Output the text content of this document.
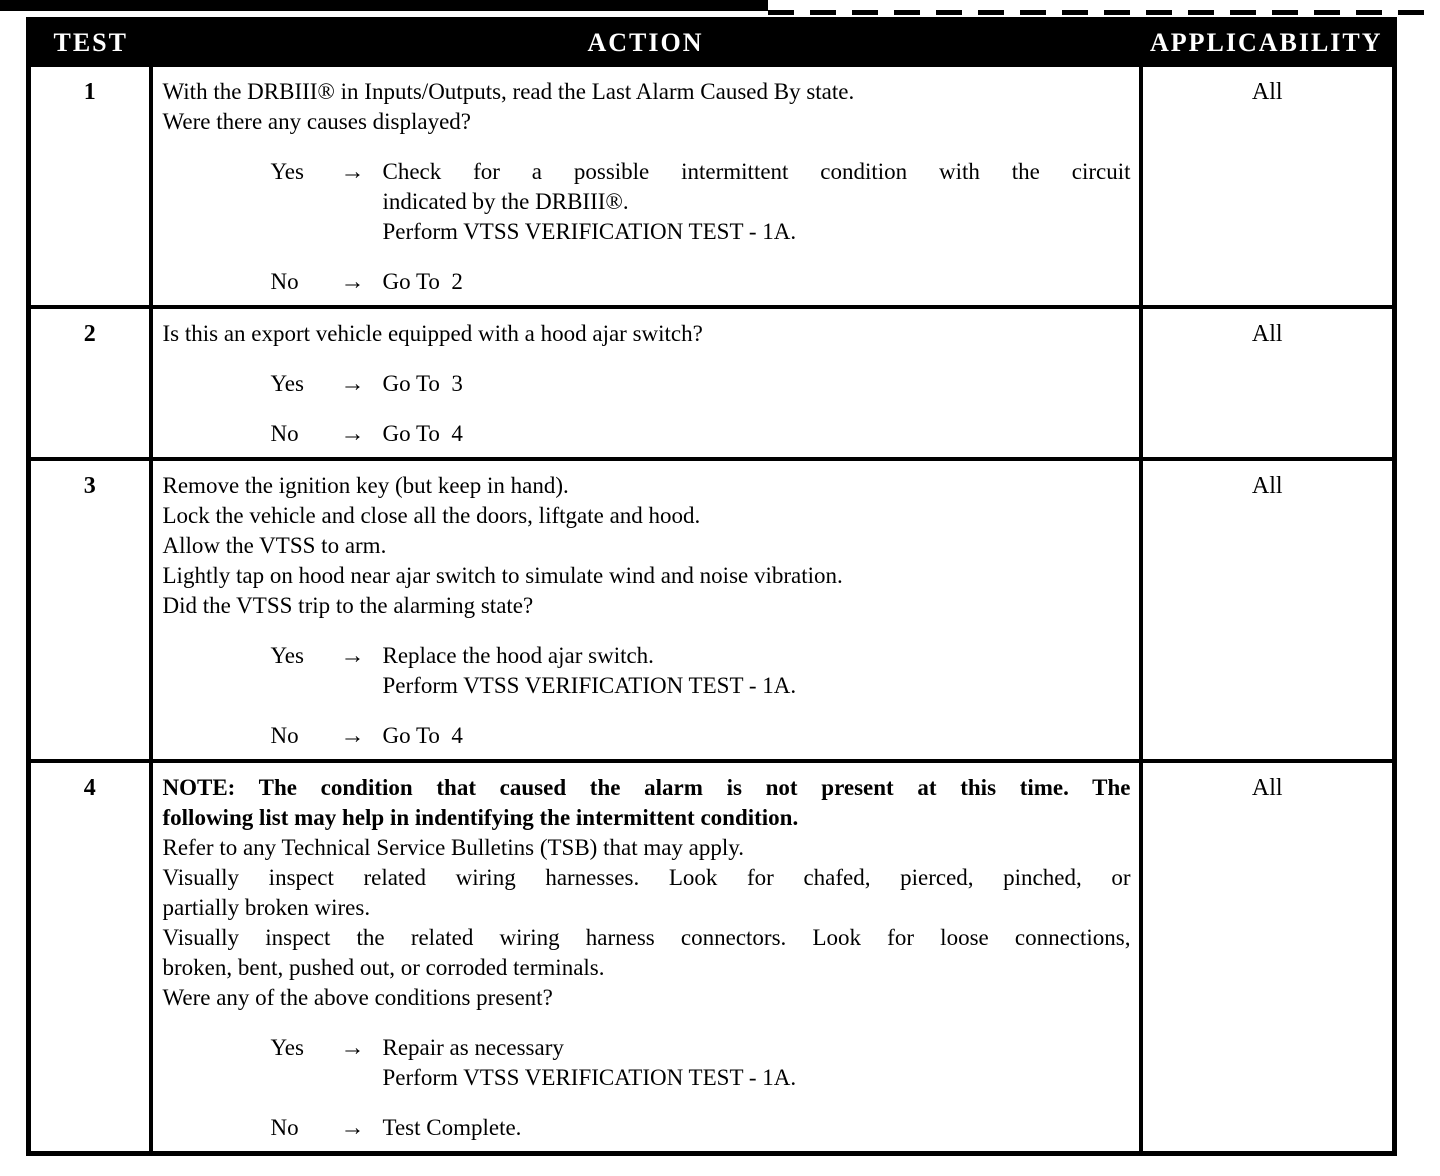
TEST	ACTION	APPLICABILITY
1	With the DRBIII® in Inputs/Outputs, read the Last Alarm Caused By state.
Were there any causes displayed?
Yes	→ Check for a possible intermittent condition with the circuit
indicated by the DRBIII®.
Perform VTSS VERIFICATION TEST - 1A.
No	→ Go To  2
	All
2	Is this an export vehicle equipped with a hood ajar switch?
Yes	→ Go To  3
No	→ Go To  4
	All
3	Remove the ignition key (but keep in hand).
Lock the vehicle and close all the doors, liftgate and hood.
Allow the VTSS to arm.
Lightly tap on hood near ajar switch to simulate wind and noise vibration.
Did the VTSS trip to the alarming state?
Yes	→ Replace the hood ajar switch.
Perform VTSS VERIFICATION TEST - 1A.
No	→ Go To  4
	All
4	NOTE: The condition that caused the alarm is not present at this time. The
following list may help in indentifying the intermittent condition.
Refer to any Technical Service Bulletins (TSB) that may apply.
Visually inspect related wiring harnesses. Look for chafed, pierced, pinched, or
partially broken wires.
Visually inspect the related wiring harness connectors. Look for loose connections,
broken, bent, pushed out, or corroded terminals.
Were any of the above conditions present?
Yes	→ Repair as necessary
Perform VTSS VERIFICATION TEST - 1A.
No	→ Test Complete.
	All
